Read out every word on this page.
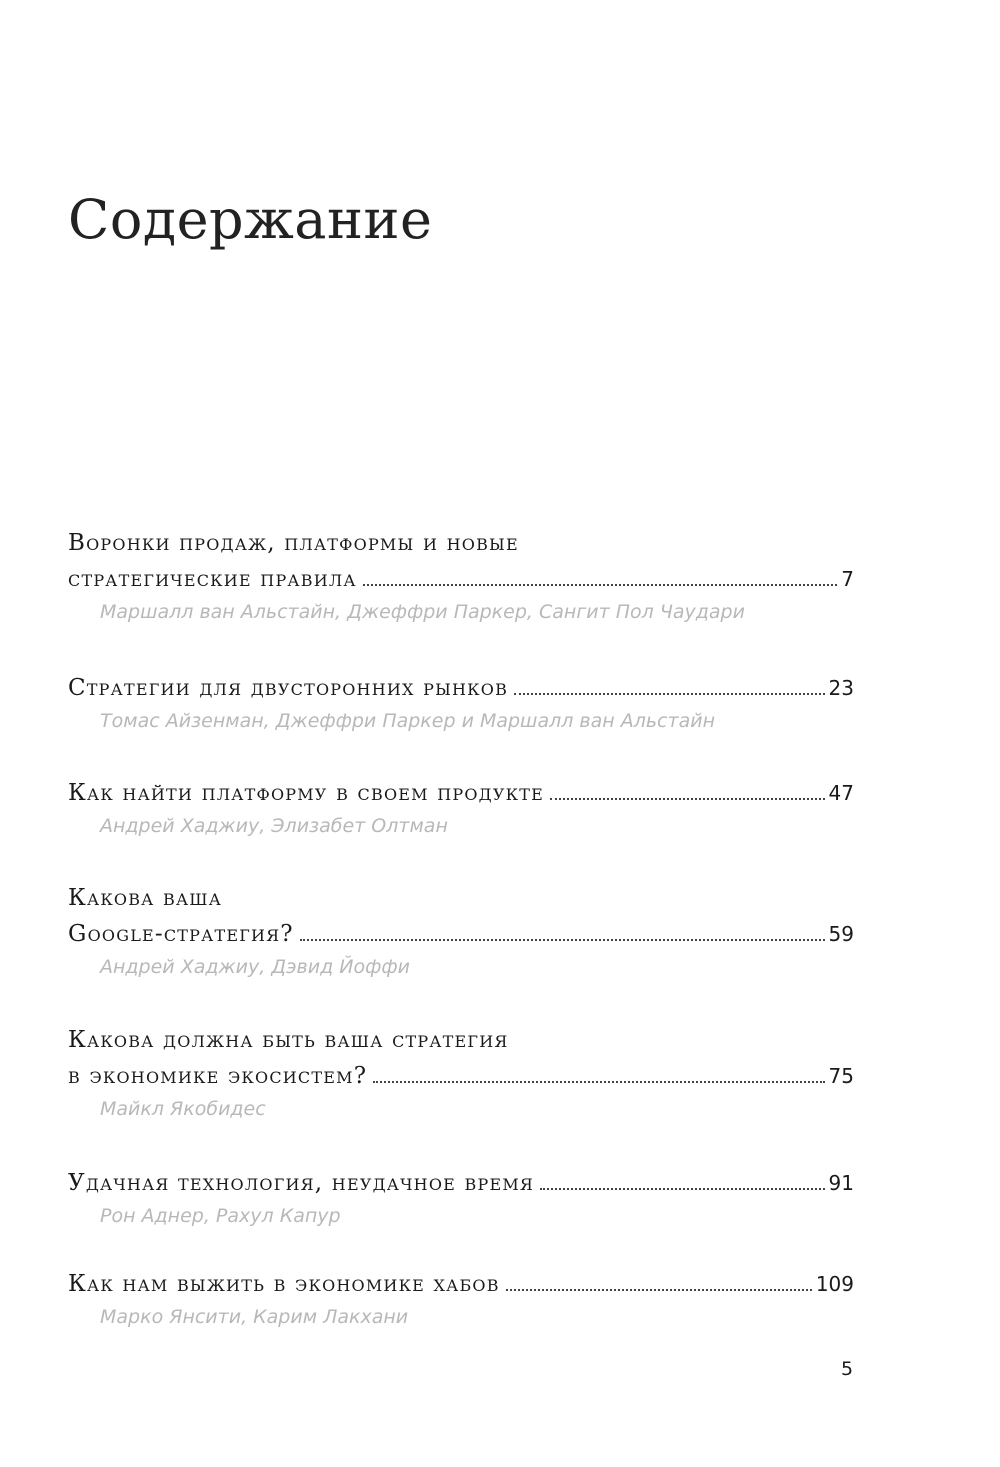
Содержание
Воронки продаж, платформы и новые
стратегические правила	7
Маршалл ван Альстайн, Джеффри Паркер, Сангит Пол Чаудари
Стратегии для двусторонних рынков	23
Томас Айзенман, Джеффри Паркер и Маршалл ван Альстайн
Как найти платформу в своем продукте	47
Андрей Хаджиу, Элизабет Олтман
Какова ваша
Google-стратегия?	59
Андрей Хаджиу, Дэвид Йоффи
Какова должна быть ваша стратегия
в экономике экосистем?	75
Майкл Якобидес
Удачная технология, неудачное время	91
Рон Аднер, Рахул Капур
Как нам выжить в экономике хабов	109
Марко Янсити, Карим Лакхани
5
